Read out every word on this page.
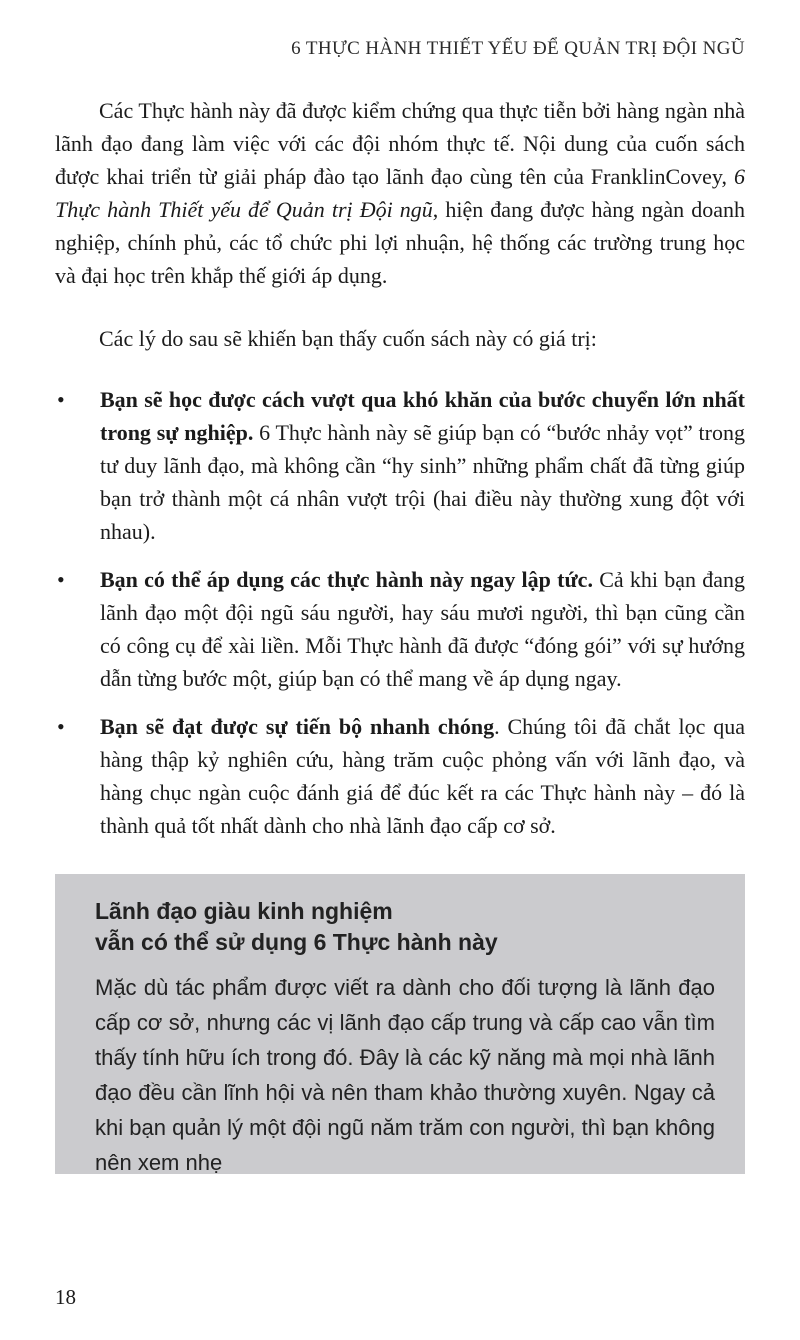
6 THỰC HÀNH THIẾT YẾU ĐỂ QUẢN TRỊ ĐỘI NGŨ

Các Thực hành này đã được kiểm chứng qua thực tiễn bởi hàng ngàn nhà lãnh đạo đang làm việc với các đội nhóm thực tế. Nội dung của cuốn sách được khai triển từ giải pháp đào tạo lãnh đạo cùng tên của FranklinCovey, 6 Thực hành Thiết yếu để Quản trị Đội ngũ, hiện đang được hàng ngàn doanh nghiệp, chính phủ, các tổ chức phi lợi nhuận, hệ thống các trường trung học và đại học trên khắp thế giới áp dụng.

Các lý do sau sẽ khiến bạn thấy cuốn sách này có giá trị:

• Bạn sẽ học được cách vượt qua khó khăn của bước chuyển lớn nhất trong sự nghiệp. 6 Thực hành này sẽ giúp bạn có “bước nhảy vọt” trong tư duy lãnh đạo, mà không cần “hy sinh” những phẩm chất đã từng giúp bạn trở thành một cá nhân vượt trội (hai điều này thường xung đột với nhau).
• Bạn có thể áp dụng các thực hành này ngay lập tức. Cả khi bạn đang lãnh đạo một đội ngũ sáu người, hay sáu mươi người, thì bạn cũng cần có công cụ để xài liền. Mỗi Thực hành đã được “đóng gói” với sự hướng dẫn từng bước một, giúp bạn có thể mang về áp dụng ngay.
• Bạn sẽ đạt được sự tiến bộ nhanh chóng. Chúng tôi đã chắt lọc qua hàng thập kỷ nghiên cứu, hàng trăm cuộc phỏng vấn với lãnh đạo, và hàng chục ngàn cuộc đánh giá để đúc kết ra các Thực hành này – đó là thành quả tốt nhất dành cho nhà lãnh đạo cấp cơ sở.

Lãnh đạo giàu kinh nghiệm
vẫn có thể sử dụng 6 Thực hành này

Mặc dù tác phẩm được viết ra dành cho đối tượng là lãnh đạo cấp cơ sở, nhưng các vị lãnh đạo cấp trung và cấp cao vẫn tìm thấy tính hữu ích trong đó. Đây là các kỹ năng mà mọi nhà lãnh đạo đều cần lĩnh hội và nên tham khảo thường xuyên. Ngay cả khi bạn quản lý một đội ngũ năm trăm con người, thì bạn không nên xem nhẹ

18
